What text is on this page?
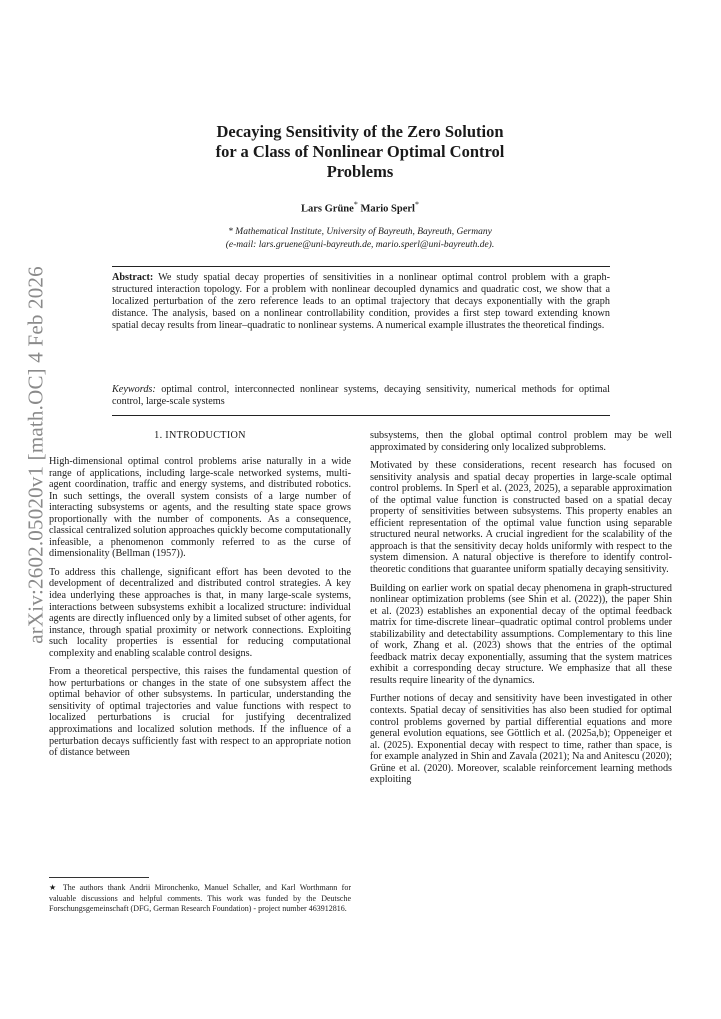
arXiv:2602.05020v1 [math.OC] 4 Feb 2026
Decaying Sensitivity of the Zero Solution
for a Class of Nonlinear Optimal Control
Problems
Lars Grüne* Mario Sperl*
* Mathematical Institute, University of Bayreuth, Bayreuth, Germany
(e-mail: lars.gruene@uni-bayreuth.de, mario.sperl@uni-bayreuth.de).
Abstract: We study spatial decay properties of sensitivities in a nonlinear optimal control problem with a graph-structured interaction topology. For a problem with nonlinear decoupled dynamics and quadratic cost, we show that a localized perturbation of the zero reference leads to an optimal trajectory that decays exponentially with the graph distance. The analysis, based on a nonlinear controllability condition, provides a first step toward extending known spatial decay results from linear–quadratic to nonlinear systems. A numerical example illustrates the theoretical findings.
Keywords: optimal control, interconnected nonlinear systems, decaying sensitivity, numerical methods for optimal control, large-scale systems
1. INTRODUCTION

High-dimensional optimal control problems arise naturally in a wide range of applications, including large-scale networked systems, multi-agent coordination, traffic and energy systems, and distributed robotics. In such settings, the overall system consists of a large number of interacting subsystems or agents, and the resulting state space grows proportionally with the number of components. As a consequence, classical centralized solution approaches quickly become computationally infeasible, a phenomenon commonly referred to as the curse of dimensionality (Bellman (1957)).

To address this challenge, significant effort has been devoted to the development of decentralized and distributed control strategies. A key idea underlying these approaches is that, in many large-scale systems, interactions between subsystems exhibit a localized structure: individual agents are directly influenced only by a limited subset of other agents, for instance, through spatial proximity or network connections. Exploiting such locality properties is essential for reducing computational complexity and enabling scalable control designs.

From a theoretical perspective, this raises the fundamental question of how perturbations or changes in the state of one subsystem affect the optimal behavior of other subsystems. In particular, understanding the sensitivity of optimal trajectories and value functions with respect to localized perturbations is crucial for justifying decentralized approximations and localized solution methods. If the influence of a perturbation decays sufficiently fast with respect to an appropriate notion of distance between

★ The authors thank Andrii Mironchenko, Manuel Schaller, and Karl Worthmann for valuable discussions and helpful comments. This work was funded by the Deutsche Forschungsgemeinschaft (DFG, German Research Foundation) - project number 463912816.

subsystems, then the global optimal control problem may be well approximated by considering only localized subproblems.

Motivated by these considerations, recent research has focused on sensitivity analysis and spatial decay properties in large-scale optimal control problems. In Sperl et al. (2023, 2025), a separable approximation of the optimal value function is constructed based on a spatial decay property of sensitivities between subsystems. This property enables an efficient representation of the optimal value function using separable structured neural networks. A crucial ingredient for the scalability of the approach is that the sensitivity decay holds uniformly with respect to the system dimension. A natural objective is therefore to identify control-theoretic conditions that guarantee uniform spatially decaying sensitivity.

Building on earlier work on spatial decay phenomena in graph-structured nonlinear optimization problems (see Shin et al. (2022)), the paper Shin et al. (2023) establishes an exponential decay of the optimal feedback matrix for time-discrete linear–quadratic optimal control problems under stabilizability and detectability assumptions. Complementary to this line of work, Zhang et al. (2023) shows that the entries of the optimal feedback matrix decay exponentially, assuming that the system matrices exhibit a corresponding decay structure. We emphasize that all these results require linearity of the dynamics.

Further notions of decay and sensitivity have been investigated in other contexts. Spatial decay of sensitivities has also been studied for optimal control problems governed by partial differential equations and more general evolution equations, see Göttlich et al. (2025a,b); Oppeneiger et al. (2025). Exponential decay with respect to time, rather than space, is for example analyzed in Shin and Zavala (2021); Na and Anitescu (2020); Grüne et al. (2020). Moreover, scalable reinforcement learning methods exploiting
